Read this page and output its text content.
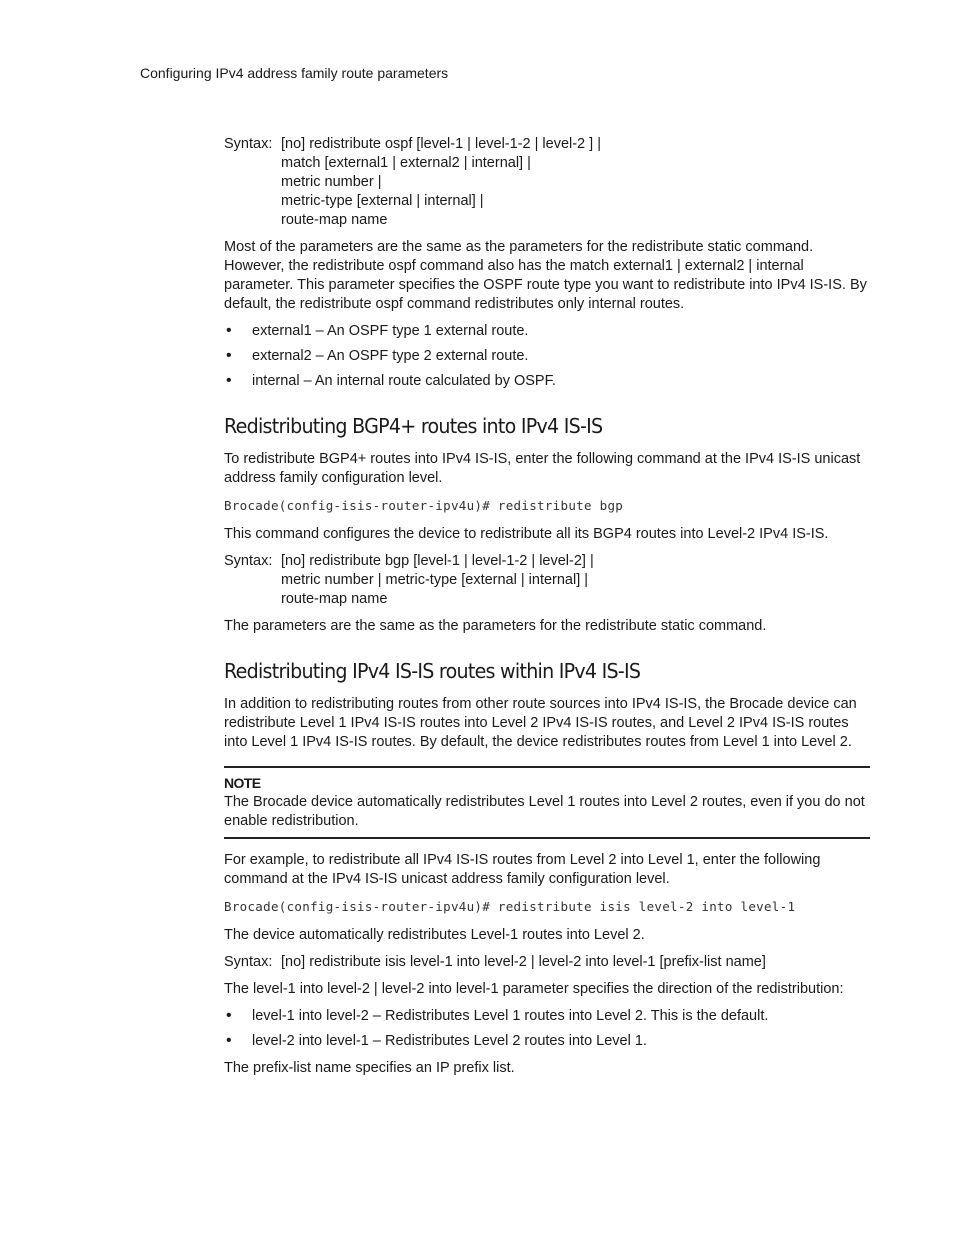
Configuring IPv4 address family route parameters
Syntax: [no] redistribute ospf [level-1 | level-1-2 | level-2 ] |
match [external1 | external2 | internal] |
metric number |
metric-type [external | internal] |
route-map name

Most of the parameters are the same as the parameters for the redistribute static command. However, the redistribute ospf command also has the match external1 | external2 | internal parameter. This parameter specifies the OSPF route type you want to redistribute into IPv4 IS-IS. By default, the redistribute ospf command redistributes only internal routes.

• external1 – An OSPF type 1 external route.
• external2 – An OSPF type 2 external route.
• internal – An internal route calculated by OSPF.
Redistributing BGP4+ routes into IPv4 IS-IS

To redistribute BGP4+ routes into IPv4 IS-IS, enter the following command at the IPv4 IS-IS unicast address family configuration level.

Brocade(config-isis-router-ipv4u)# redistribute bgp

This command configures the device to redistribute all its BGP4 routes into Level-2 IPv4 IS-IS.

Syntax: [no] redistribute bgp [level-1 | level-1-2 | level-2] |
metric number | metric-type [external | internal] |
route-map name

The parameters are the same as the parameters for the redistribute static command.

Redistributing IPv4 IS-IS routes within IPv4 IS-IS

In addition to redistributing routes from other route sources into IPv4 IS-IS, the Brocade device can redistribute Level 1 IPv4 IS-IS routes into Level 2 IPv4 IS-IS routes, and Level 2 IPv4 IS-IS routes into Level 1 IPv4 IS-IS routes. By default, the device redistributes routes from Level 1 into Level 2.

NOTE
The Brocade device automatically redistributes Level 1 routes into Level 2 routes, even if you do not enable redistribution.

For example, to redistribute all IPv4 IS-IS routes from Level 2 into Level 1, enter the following command at the IPv4 IS-IS unicast address family configuration level.

Brocade(config-isis-router-ipv4u)# redistribute isis level-2 into level-1

The device automatically redistributes Level-1 routes into Level 2.

Syntax: [no] redistribute isis level-1 into level-2 | level-2 into level-1 [prefix-list name]

The level-1 into level-2 | level-2 into level-1 parameter specifies the direction of the redistribution:

• level-1 into level-2 – Redistributes Level 1 routes into Level 2. This is the default.
• level-2 into level-1 – Redistributes Level 2 routes into Level 1.

The prefix-list name specifies an IP prefix list.
